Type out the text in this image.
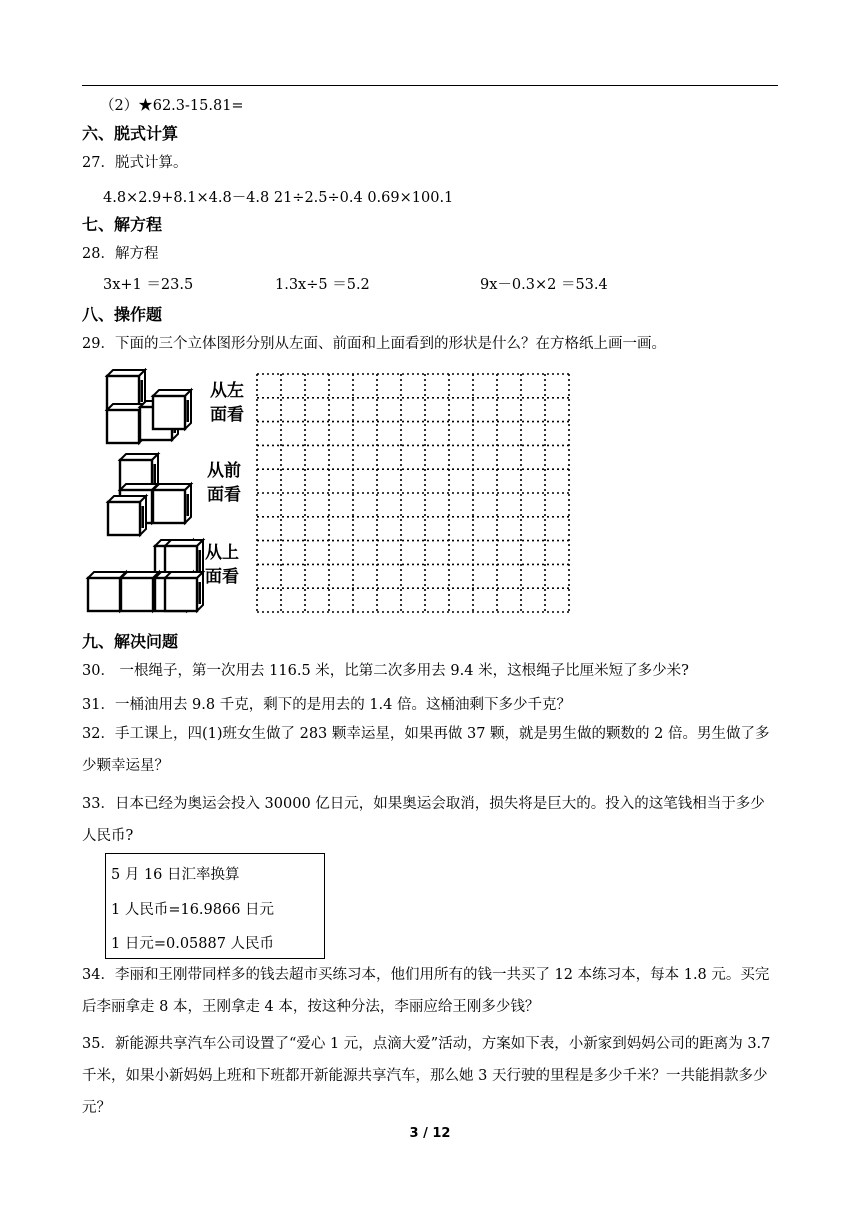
（2）★62.3-15.81=
六、脱式计算
27．脱式计算。
4.8×2.9+8.1×4.8－4.8 21÷2.5÷0.4 0.69×100.1
七、解方程
28．解方程
3x+1 ＝23.5	1.3x÷5 ＝5.2	9x－0.3×2 ＝53.4
八、操作题
29．下面的三个立体图形分别从左面、前面和上面看到的形状是什么？在方格纸上画一画。
从左
面看
从前
面看
从上
面看
九、解决问题
30． 一根绳子，第一次用去 116.5 米，比第二次多用去 9.4 米，这根绳子比厘米短了多少米?
31．一桶油用去 9.8 千克，剩下的是用去的 1.4 倍。这桶油剩下多少千克？
32．手工课上，四(1)班女生做了 283 颗幸运星，如果再做 37 颗，就是男生做的颗数的 2 倍。男生做了多少颗幸运星？
33．日本已经为奥运会投入 30000 亿日元，如果奥运会取消，损失将是巨大的。投入的这笔钱相当于多少人民币?
5 月 16 日汇率换算
1 人民币=16.9866 日元
1 日元=0.05887 人民币
34．李丽和王刚带同样多的钱去超市买练习本，他们用所有的钱一共买了 12 本练习本，每本 1.8 元。买完后李丽拿走 8 本，王刚拿走 4 本，按这种分法，李丽应给王刚多少钱？
35．新能源共享汽车公司设置了“爱心 1 元，点滴大爱”活动，方案如下表，小新家到妈妈公司的距离为 3.7 千米，如果小新妈妈上班和下班都开新能源共享汽车，那么她 3 天行驶的里程是多少千米？一共能捐款多少元？
3 / 12
